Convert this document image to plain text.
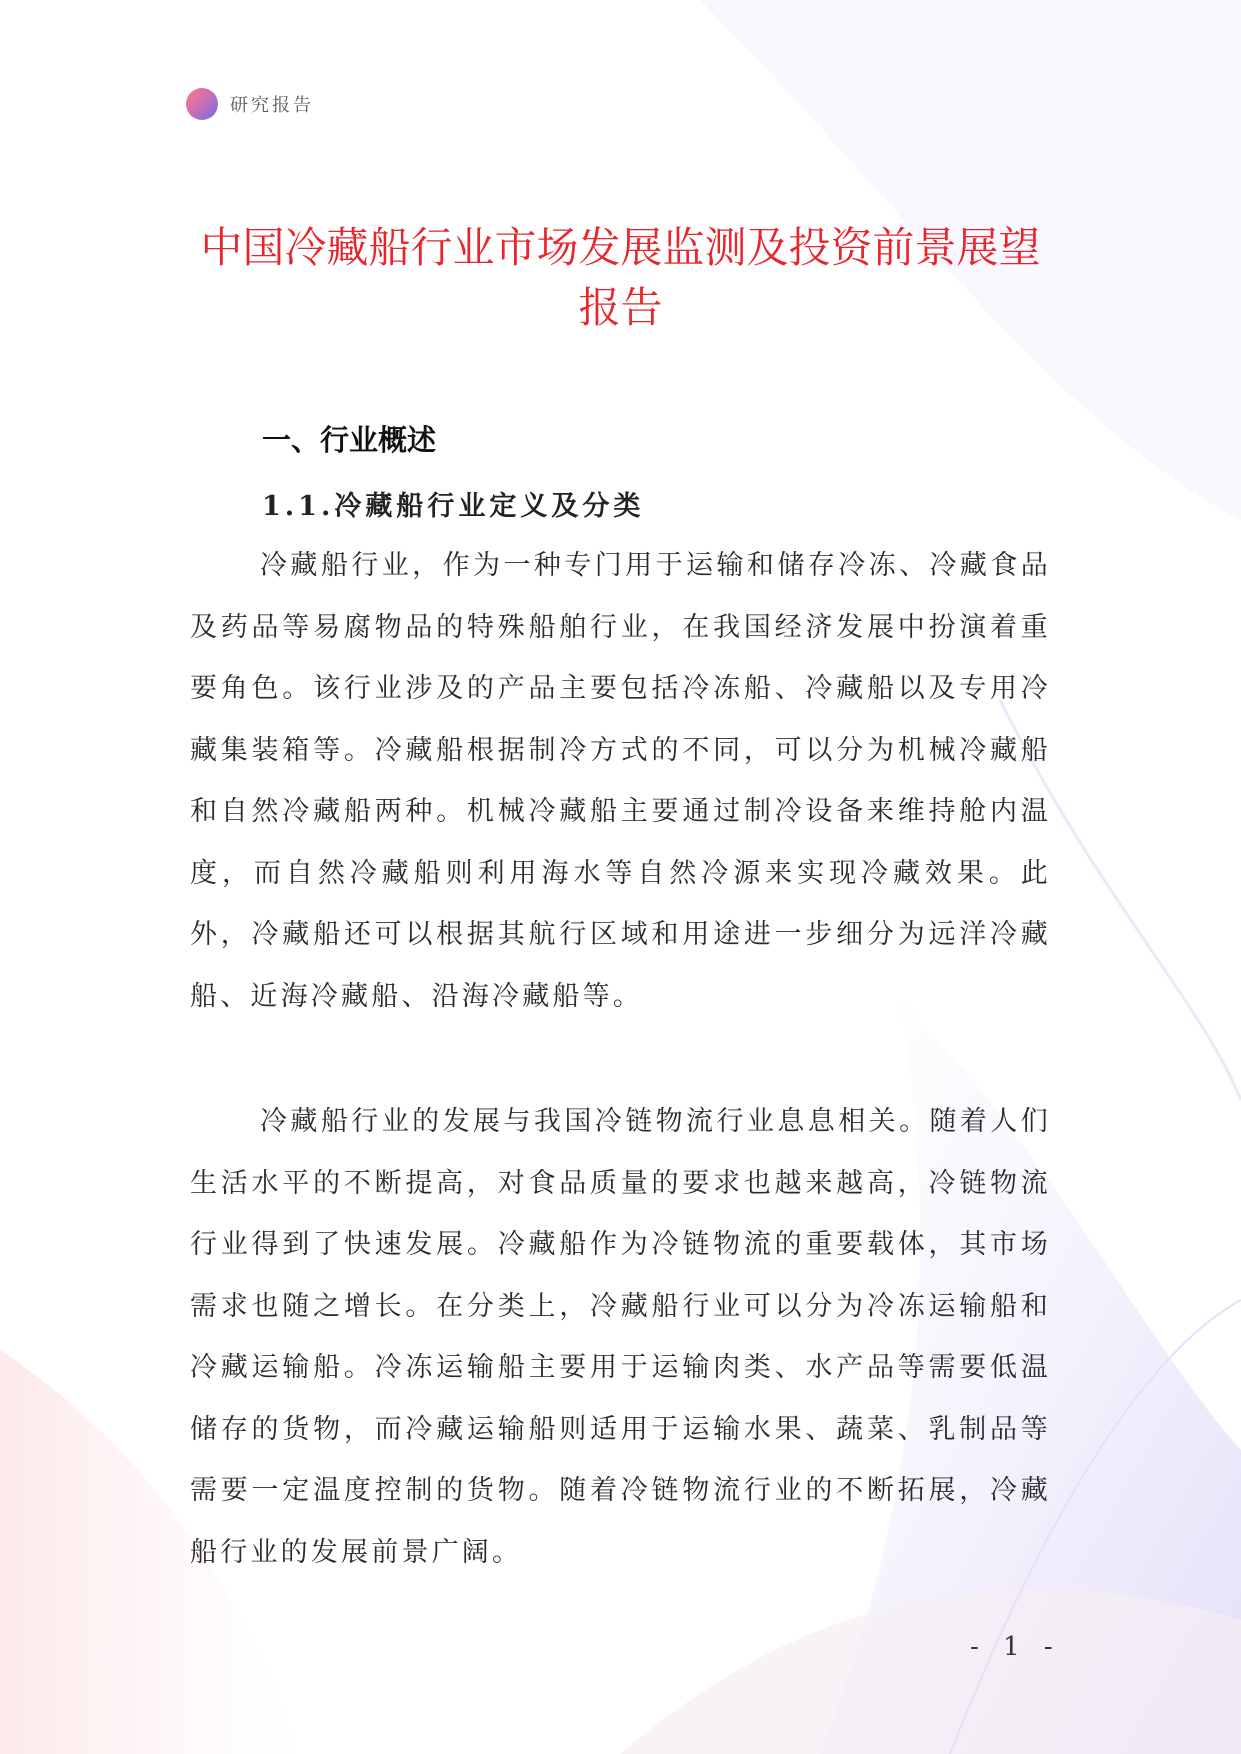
研究报告
中国冷藏船行业市场发展监测及投资前景展望报告
一、行业概述
1.1.冷藏船行业定义及分类

冷藏船行业，作为一种专门用于运输和储存冷冻、冷藏食品及药品等易腐物品的特殊船舶行业，在我国经济发展中扮演着重要角色。该行业涉及的产品主要包括冷冻船、冷藏船以及专用冷藏集装箱等。冷藏船根据制冷方式的不同，可以分为机械冷藏船和自然冷藏船两种。机械冷藏船主要通过制冷设备来维持舱内温度，而自然冷藏船则利用海水等自然冷源来实现冷藏效果。此外，冷藏船还可以根据其航行区域和用途进一步细分为远洋冷藏船、近海冷藏船、沿海冷藏船等。

冷藏船行业的发展与我国冷链物流行业息息相关。随着人们生活水平的不断提高，对食品质量的要求也越来越高，冷链物流行业得到了快速发展。冷藏船作为冷链物流的重要载体，其市场需求也随之增长。在分类上，冷藏船行业可以分为冷冻运输船和冷藏运输船。冷冻运输船主要用于运输肉类、水产品等需要低温储存的货物，而冷藏运输船则适用于运输水果、蔬菜、乳制品等需要一定温度控制的货物。随着冷链物流行业的不断拓展，冷藏船行业的发展前景广阔。

- 1 -
